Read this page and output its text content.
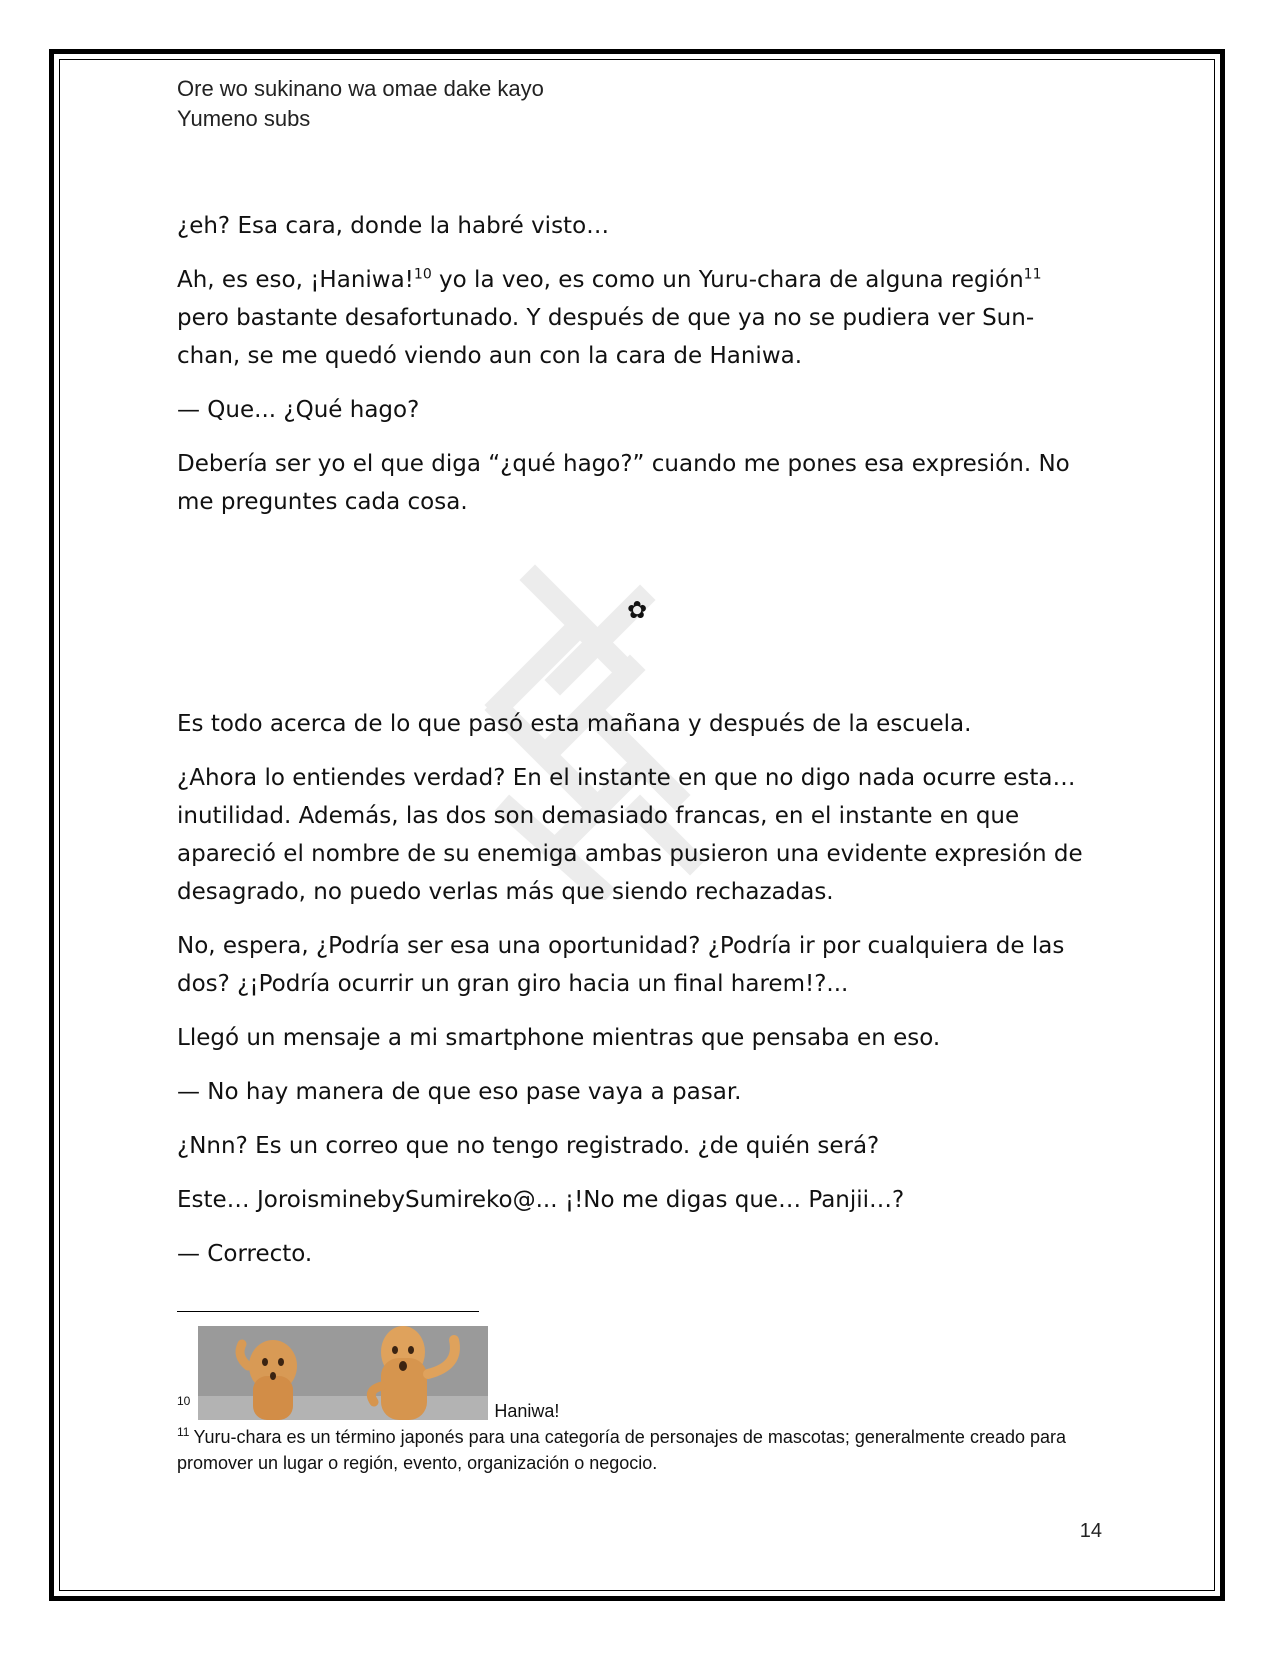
Ore wo sukinano wa omae dake kayo
Yumeno subs

¿eh? Esa cara, donde la habré visto…

Ah, es eso, ¡Haniwa!$^{10}$ yo la veo, es como un Yuru-chara de alguna región$^{11}$ pero bastante desafortunado. Y después de que ya no se pudiera ver Sun-chan, se me quedó viendo aun con la cara de Haniwa.

— Que... ¿Qué hago?

Debería ser yo el que diga “¿qué hago?” cuando me pones esa expresión. No me preguntes cada cosa.

✿

Es todo acerca de lo que pasó esta mañana y después de la escuela.

¿Ahora lo entiendes verdad? En el instante en que no digo nada ocurre esta… inutilidad. Además, las dos son demasiado francas, en el instante en que apareció el nombre de su enemiga ambas pusieron una evidente expresión de desagrado, no puedo verlas más que siendo rechazadas.

No, espera, ¿Podría ser esa una oportunidad? ¿Podría ir por cualquiera de las dos? ¿¡Podría ocurrir un gran giro hacia un final harem!?...

Llegó un mensaje a mi smartphone mientras que pensaba en eso.

— No hay manera de que eso pase vaya a pasar.

¿Nnn? Es un correo que no tengo registrado. ¿de quién será?

Este… JoroisminebySumireko@... ¡!No me digas que… Panjii…?

— Correcto.

10	Haniwa!
$^{11}$ Yuru-chara es un término japonés para una categoría de personajes de mascotas; generalmente creado para promover un lugar o región, evento, organización o negocio.
14
